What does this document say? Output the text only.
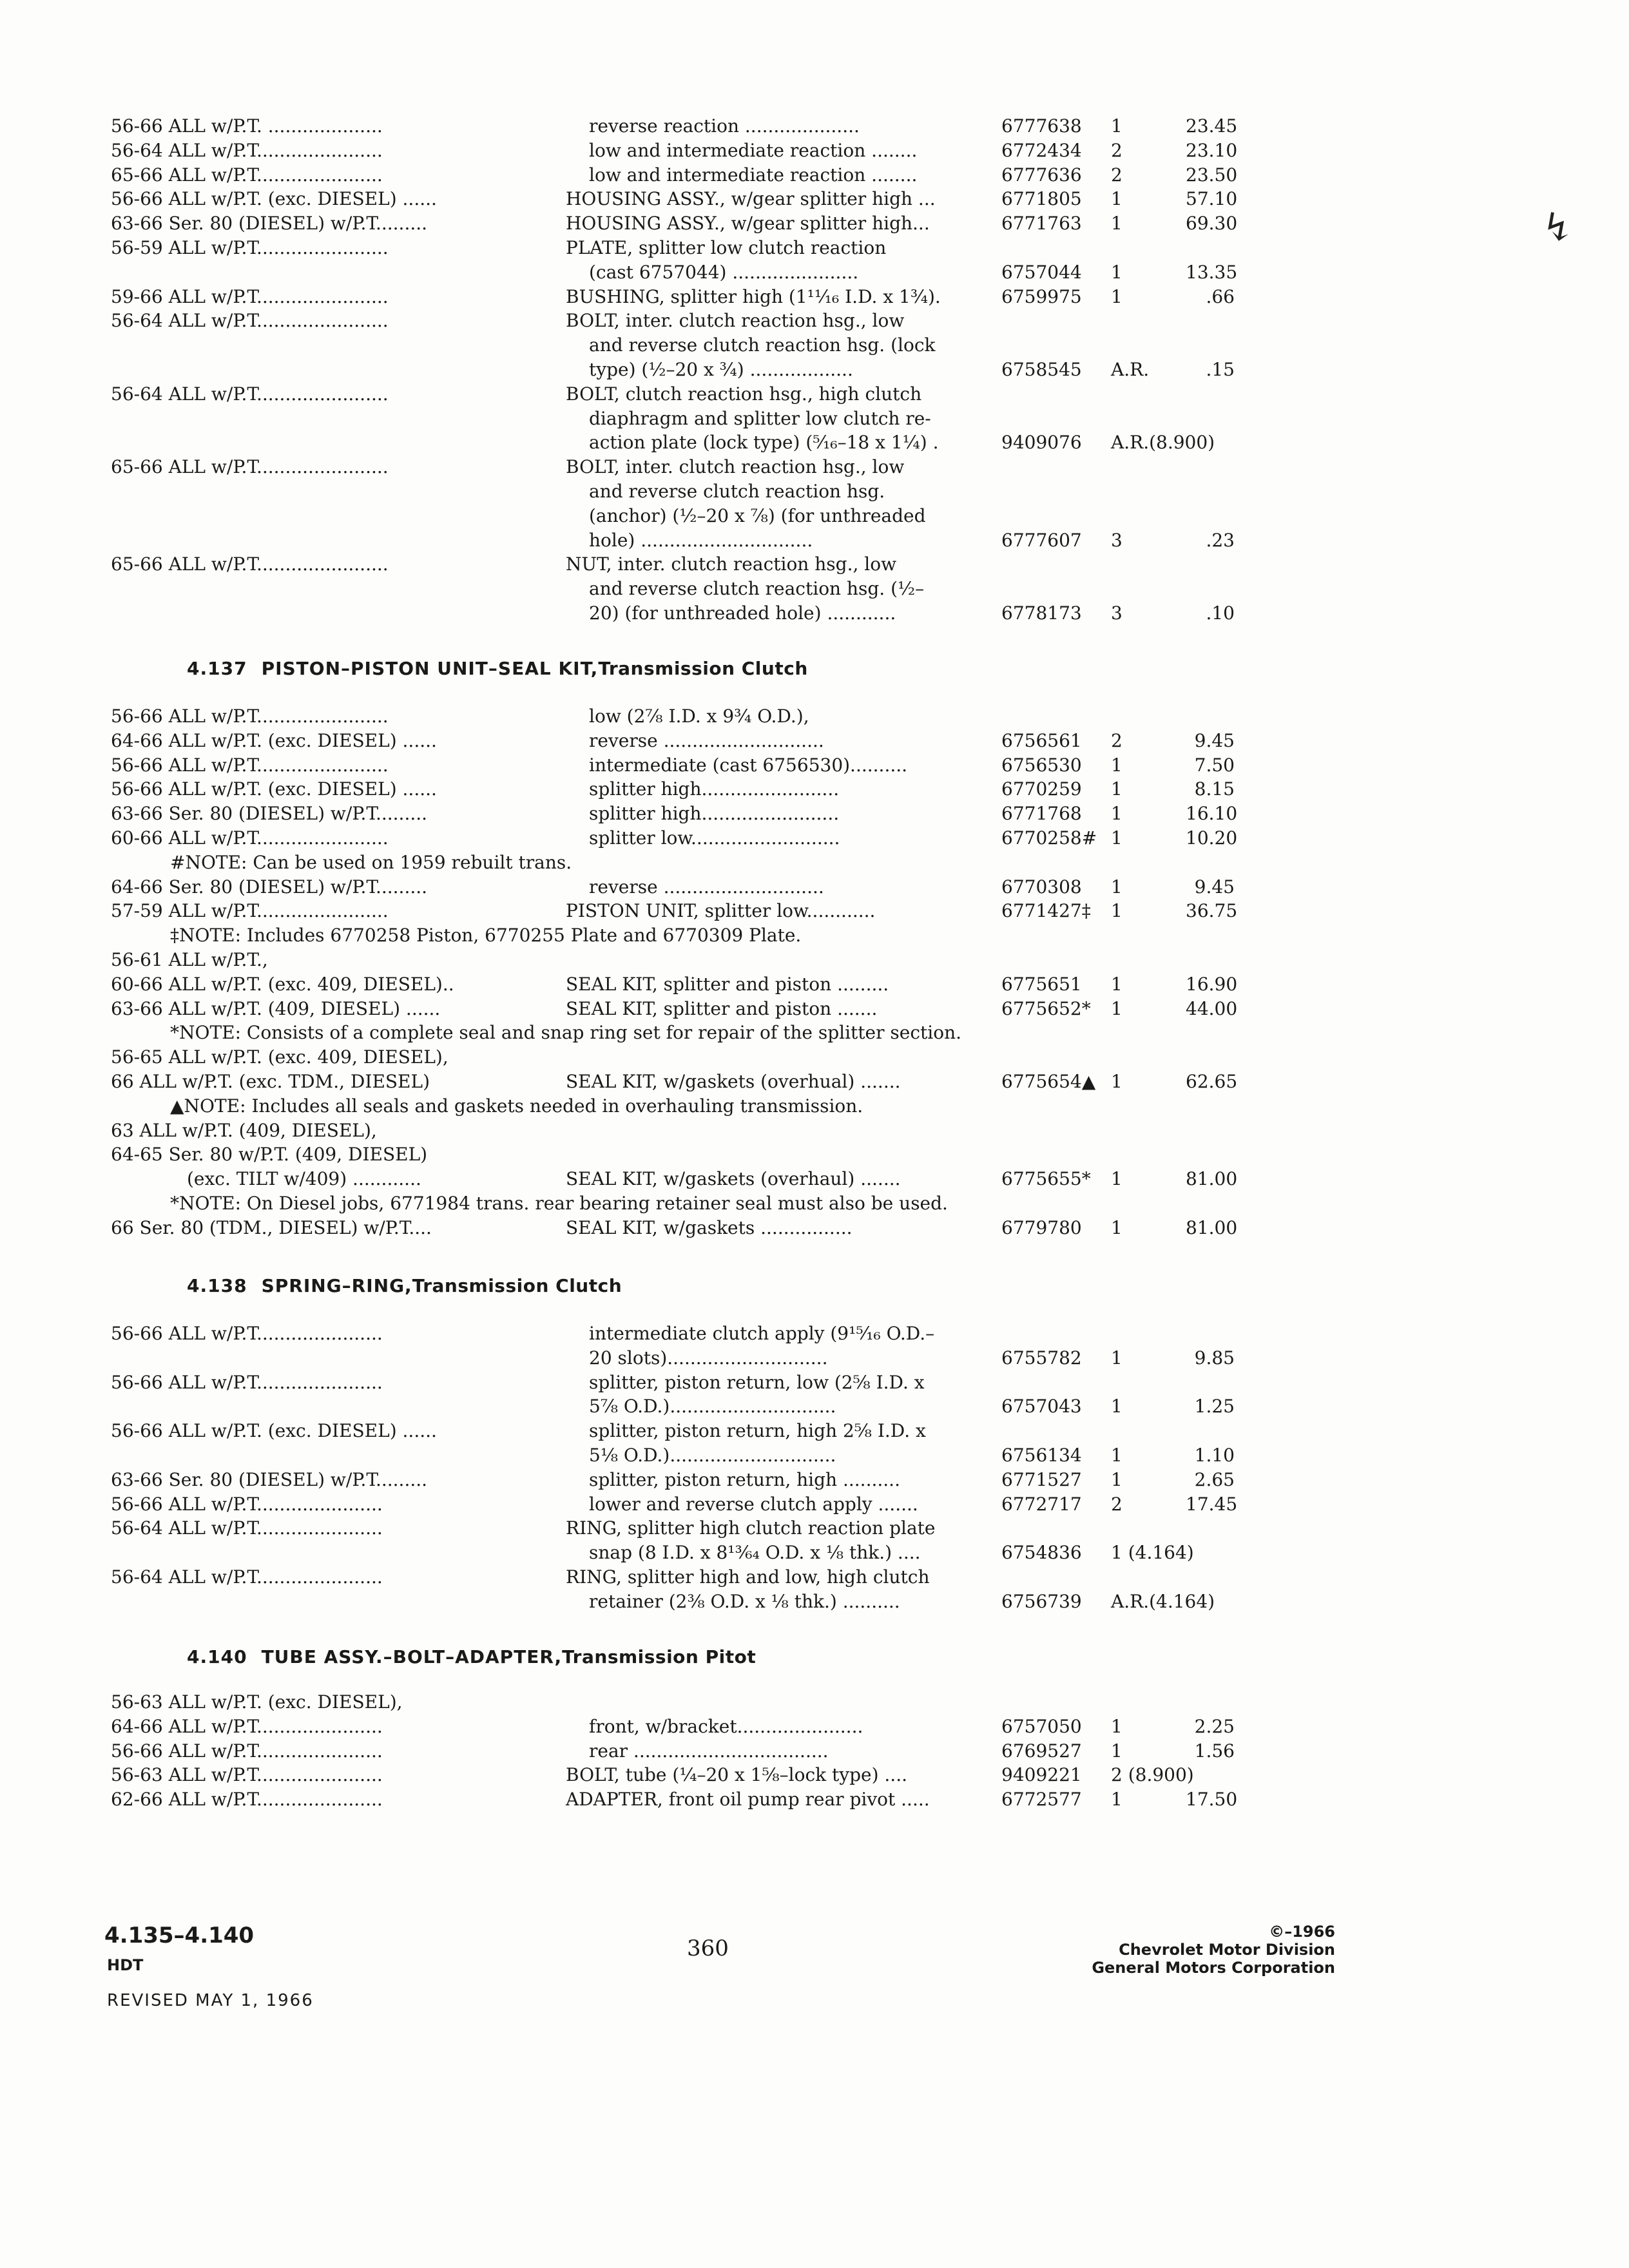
56-66 ALL w/P.T. ....................	reverse reaction ....................	6777638 1	23.45
56-64 ALL w/P.T......................	low and intermediate reaction ........	6772434 2	23.10
65-66 ALL w/P.T......................	low and intermediate reaction ........	6777636 2	23.50
56-66 ALL w/P.T. (exc. DIESEL) ......	HOUSING ASSY., w/gear splitter high ...	6771805 1	57.10
63-66 Ser. 80 (DIESEL) w/P.T.........	HOUSING ASSY., w/gear splitter high...	6771763 1	69.30
56-59 ALL w/P.T.......................	PLATE, splitter low clutch reaction
(cast 6757044) ......................	6757044 1	13.35
59-66 ALL w/P.T.......................	BUSHING, splitter high (1¹¹⁄₁₆ I.D. x 1¾).	6759975 1	.66
56-64 ALL w/P.T.......................	BOLT, inter. clutch reaction hsg., low
and reverse clutch reaction hsg. (lock
type) (½–20 x ¾) ..................	6758545 A.R.	.15
56-64 ALL w/P.T.......................	BOLT, clutch reaction hsg., high clutch
diaphragm and splitter low clutch re-
action plate (lock type) (⁵⁄₁₆–18 x 1¼) .	9409076 A.R.(8.900)
65-66 ALL w/P.T.......................	BOLT, inter. clutch reaction hsg., low
and reverse clutch reaction hsg.
(anchor) (½–20 x ⅞) (for unthreaded
hole) ..............................	6777607 3	.23
65-66 ALL w/P.T.......................	NUT, inter. clutch reaction hsg., low
and reverse clutch reaction hsg. (½–
20) (for unthreaded hole) ............	6778173 3	.10
4.137 PISTON–PISTON UNIT–SEAL KIT,Transmission Clutch
56-66 ALL w/P.T.......................	low (2⅞ I.D. x 9¾ O.D.),
64-66 ALL w/P.T. (exc. DIESEL) ......	reverse ............................	6756561 2	9.45
56-66 ALL w/P.T.......................	intermediate (cast 6756530)..........	6756530 1	7.50
56-66 ALL w/P.T. (exc. DIESEL) ......	splitter high........................	6770259 1	8.15
63-66 Ser. 80 (DIESEL) w/P.T.........	splitter high........................	6771768 1	16.10
60-66 ALL w/P.T.......................	splitter low..........................	6770258# 1	10.20
#NOTE: Can be used on 1959 rebuilt trans.
64-66 Ser. 80 (DIESEL) w/P.T.........	reverse ............................	6770308 1	9.45
57-59 ALL w/P.T.......................	PISTON UNIT, splitter low............	6771427‡ 1	36.75
‡NOTE: Includes 6770258 Piston, 6770255 Plate and 6770309 Plate.
56-61 ALL w/P.T.,
60-66 ALL w/P.T. (exc. 409, DIESEL)..	SEAL KIT, splitter and piston .........	6775651 1	16.90
63-66 ALL w/P.T. (409, DIESEL) ......	SEAL KIT, splitter and piston .......	6775652* 1	44.00
*NOTE: Consists of a complete seal and snap ring set for repair of the splitter section.
56-65 ALL w/P.T. (exc. 409, DIESEL),
66 ALL w/P.T. (exc. TDM., DIESEL)	SEAL KIT, w/gaskets (overhual) .......	6775654▲ 1	62.65
▲NOTE: Includes all seals and gaskets needed in overhauling transmission.
63 ALL w/P.T. (409, DIESEL),
64-65 Ser. 80 w/P.T. (409, DIESEL)
(exc. TILT w/409) ............	SEAL KIT, w/gaskets (overhaul) .......	6775655* 1	81.00
*NOTE: On Diesel jobs, 6771984 trans. rear bearing retainer seal must also be used.
66 Ser. 80 (TDM., DIESEL) w/P.T....	SEAL KIT, w/gaskets ................	6779780 1	81.00
4.138 SPRING–RING,Transmission Clutch
56-66 ALL w/P.T......................	intermediate clutch apply (9¹⁵⁄₁₆ O.D.–
20 slots)............................	6755782 1	9.85
56-66 ALL w/P.T......................	splitter, piston return, low (2⅝ I.D. x
5⅞ O.D.).............................	6757043 1	1.25
56-66 ALL w/P.T. (exc. DIESEL) ......	splitter, piston return, high 2⅝ I.D. x
5⅛ O.D.).............................	6756134 1	1.10
63-66 Ser. 80 (DIESEL) w/P.T.........	splitter, piston return, high ..........	6771527 1	2.65
56-66 ALL w/P.T......................	lower and reverse clutch apply .......	6772717 2	17.45
56-64 ALL w/P.T......................	RING, splitter high clutch reaction plate
snap (8 I.D. x 8¹³⁄₆₄ O.D. x ⅛ thk.) ....	6754836 1 (4.164)
56-64 ALL w/P.T......................	RING, splitter high and low, high clutch
retainer (2⅜ O.D. x ⅛ thk.) ..........	6756739 A.R.(4.164)
4.140 TUBE ASSY.–BOLT–ADAPTER,Transmission Pitot
56-63 ALL w/P.T. (exc. DIESEL),
64-66 ALL w/P.T......................	front, w/bracket......................	6757050 1	2.25
56-66 ALL w/P.T......................	rear ..................................	6769527 1	1.56
56-63 ALL w/P.T......................	BOLT, tube (¼–20 x 1⅝–lock type) ....	9409221 2 (8.900)
62-66 ALL w/P.T......................	ADAPTER, front oil pump rear pivot .....	6772577 1	17.50
↯
4.135–4.140
HDT
REVISED MAY 1, 1966
360
©–1966
Chevrolet Motor Division
General Motors Corporation
